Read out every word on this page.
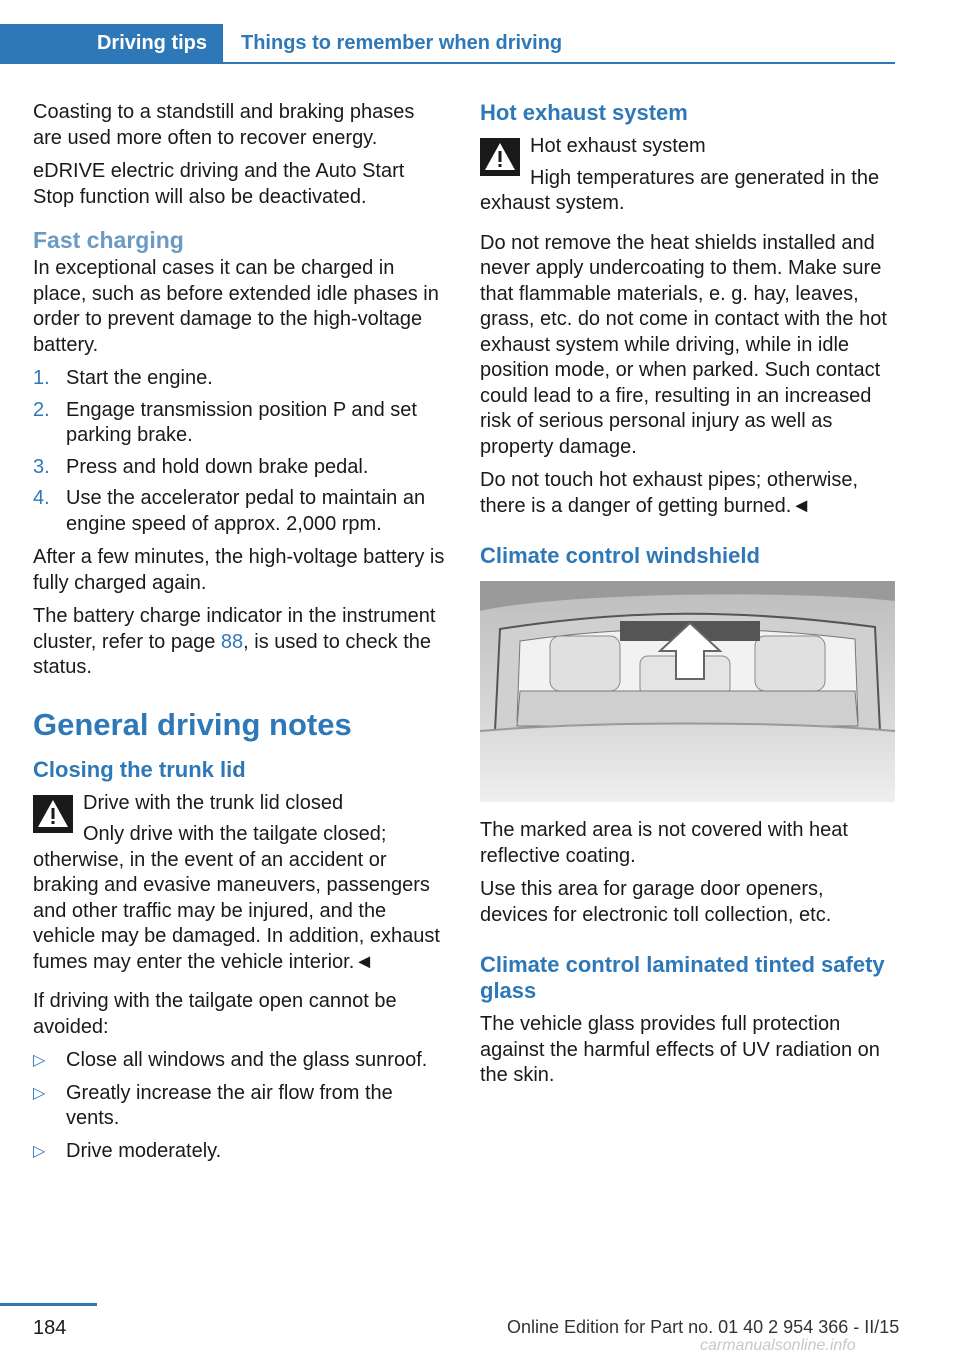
Driving tips	Things to remember when driving

Coasting to a standstill and braking phases are used more often to recover energy.

eDRIVE electric driving and the Auto Start Stop function will also be deactivated.

Fast charging

In exceptional cases it can be charged in place, such as before extended idle phases in order to prevent damage to the high-voltage battery.

1. Start the engine.
2. Engage transmission position P and set parking brake.
3. Press and hold down brake pedal.
4. Use the accelerator pedal to maintain an engine speed of approx. 2,000 rpm.

After a few minutes, the high-voltage battery is fully charged again.

The battery charge indicator in the instrument cluster, refer to page 88, is used to check the status.

General driving notes
Closing the trunk lid

Drive with the trunk lid closed

Only drive with the tailgate closed; otherwise, in the event of an accident or braking and evasive maneuvers, passengers and other traffic may be injured, and the vehicle may be damaged. In addition, exhaust fumes may enter the vehicle interior.◄

If driving with the tailgate open cannot be avoided:

▷ Close all windows and the glass sunroof.
▷ Greatly increase the air flow from the vents.
▷ Drive moderately.
Hot exhaust system

Hot exhaust system

High temperatures are generated in the exhaust system.

Do not remove the heat shields installed and never apply undercoating to them. Make sure that flammable materials, e. g. hay, leaves, grass, etc. do not come in contact with the hot exhaust system while driving, while in idle position mode, or when parked. Such contact could lead to a fire, resulting in an increased risk of serious personal injury as well as property damage.

Do not touch hot exhaust pipes; otherwise, there is a danger of getting burned.◄

Climate control windshield

The marked area is not covered with heat reflective coating.

Use this area for garage door openers, devices for electronic toll collection, etc.

Climate control laminated tinted safety glass

The vehicle glass provides full protection against the harmful effects of UV radiation on the skin.

184	Online Edition for Part no. 01 40 2 954 366 - II/15
carmanualsonline.info
